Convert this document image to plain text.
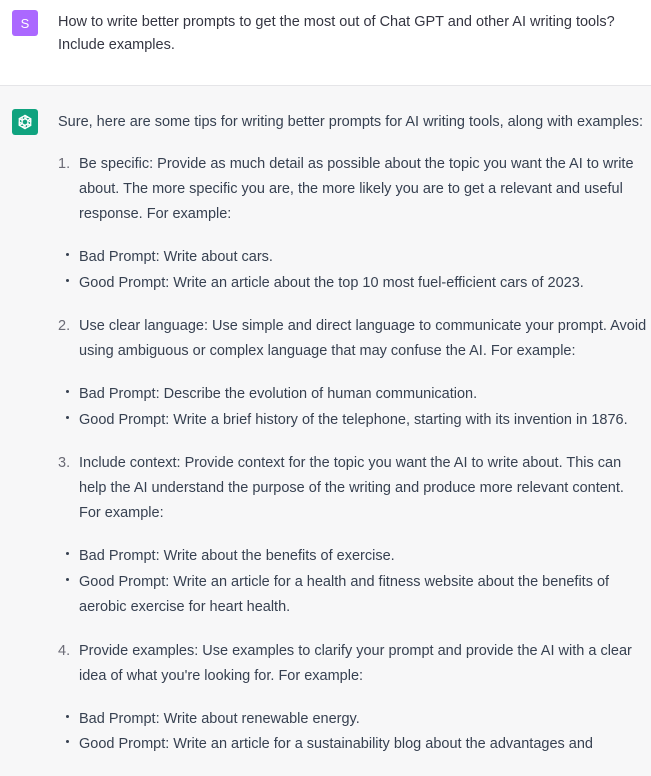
S	How to write better prompts to get the most out of Chat GPT and other AI writing tools? Include examples.

Sure, here are some tips for writing better prompts for AI writing tools, along with examples:

1. Be specific: Provide as much detail as possible about the topic you want the AI to write about. The more specific you are, the more likely you are to get a relevant and useful response. For example:
Bad Prompt: Write about cars.
Good Prompt: Write an article about the top 10 most fuel-efficient cars of 2023.
2. Use clear language: Use simple and direct language to communicate your prompt. Avoid using ambiguous or complex language that may confuse the AI. For example:
Bad Prompt: Describe the evolution of human communication.
Good Prompt: Write a brief history of the telephone, starting with its invention in 1876.
3. Include context: Provide context for the topic you want the AI to write about. This can help the AI understand the purpose of the writing and produce more relevant content. For example:
Bad Prompt: Write about the benefits of exercise.
Good Prompt: Write an article for a health and fitness website about the benefits of aerobic exercise for heart health.
4. Provide examples: Use examples to clarify your prompt and provide the AI with a clear idea of what you're looking for. For example:
Bad Prompt: Write about renewable energy.
Good Prompt: Write an article for a sustainability blog about the advantages and
